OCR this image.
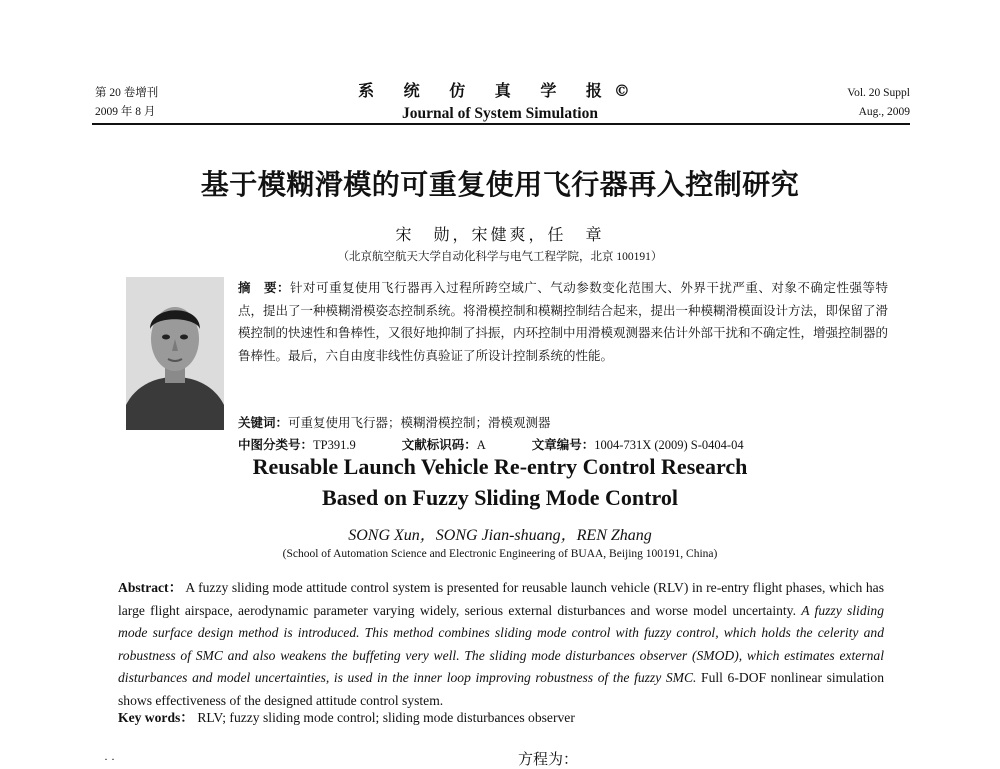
第 20 卷增刊
2009 年 8 月
系 统 仿 真 学 报©
Journal of System Simulation
Vol. 20 Suppl
Aug., 2009
基于模糊滑模的可重复使用飞行器再入控制研究
宋　勋，宋健爽，任　章
（北京航空航天大学自动化科学与电气工程学院，北京 100191）
摘　要：针对可重复使用飞行器再入过程所跨空域广、气动参数变化范围大、外界干扰严重、对象不确定性强等特点，提出了一种模糊滑模姿态控制系统。将滑模控制和模糊控制结合起来，提出一种模糊滑模面设计方法，即保留了滑模控制的快速性和鲁棒性，又很好地抑制了抖振，内环控制中用滑模观测器来估计外部干扰和不确定性，增强控制器的鲁棒性。最后，六自由度非线性仿真验证了所设计控制系统的性能。
关键词：可重复使用飞行器；模糊滑模控制；滑模观测器
中图分类号：TP391.9	文献标识码：A	文章编号：1004-731X (2009) S-0404-04
Reusable Launch Vehicle Re-entry Control Research
Based on Fuzzy Sliding Mode Control
SONG Xun，SONG Jian-shuang，REN Zhang
(School of Automation Science and Electronic Engineering of BUAA, Beijing 100191, China)
Abstract： A fuzzy sliding mode attitude control system is presented for reusable launch vehicle (RLV) in re-entry flight phases, which has large flight airspace, aerodynamic parameter varying widely, serious external disturbances and worse model uncertainty. A fuzzy sliding mode surface design method is introduced. This method combines sliding mode control with fuzzy control, which holds the celerity and robustness of SMC and also weakens the buffeting very well. The sliding mode disturbances observer (SMOD), which estimates external disturbances and model uncertainties, is used in the inner loop improving robustness of the fuzzy SMC. Full 6-DOF nonlinear simulation shows effectiveness of the designed attitude control system.
Key words： RLV; fuzzy sliding mode control; sliding mode disturbances observer
· ·	方程为：
